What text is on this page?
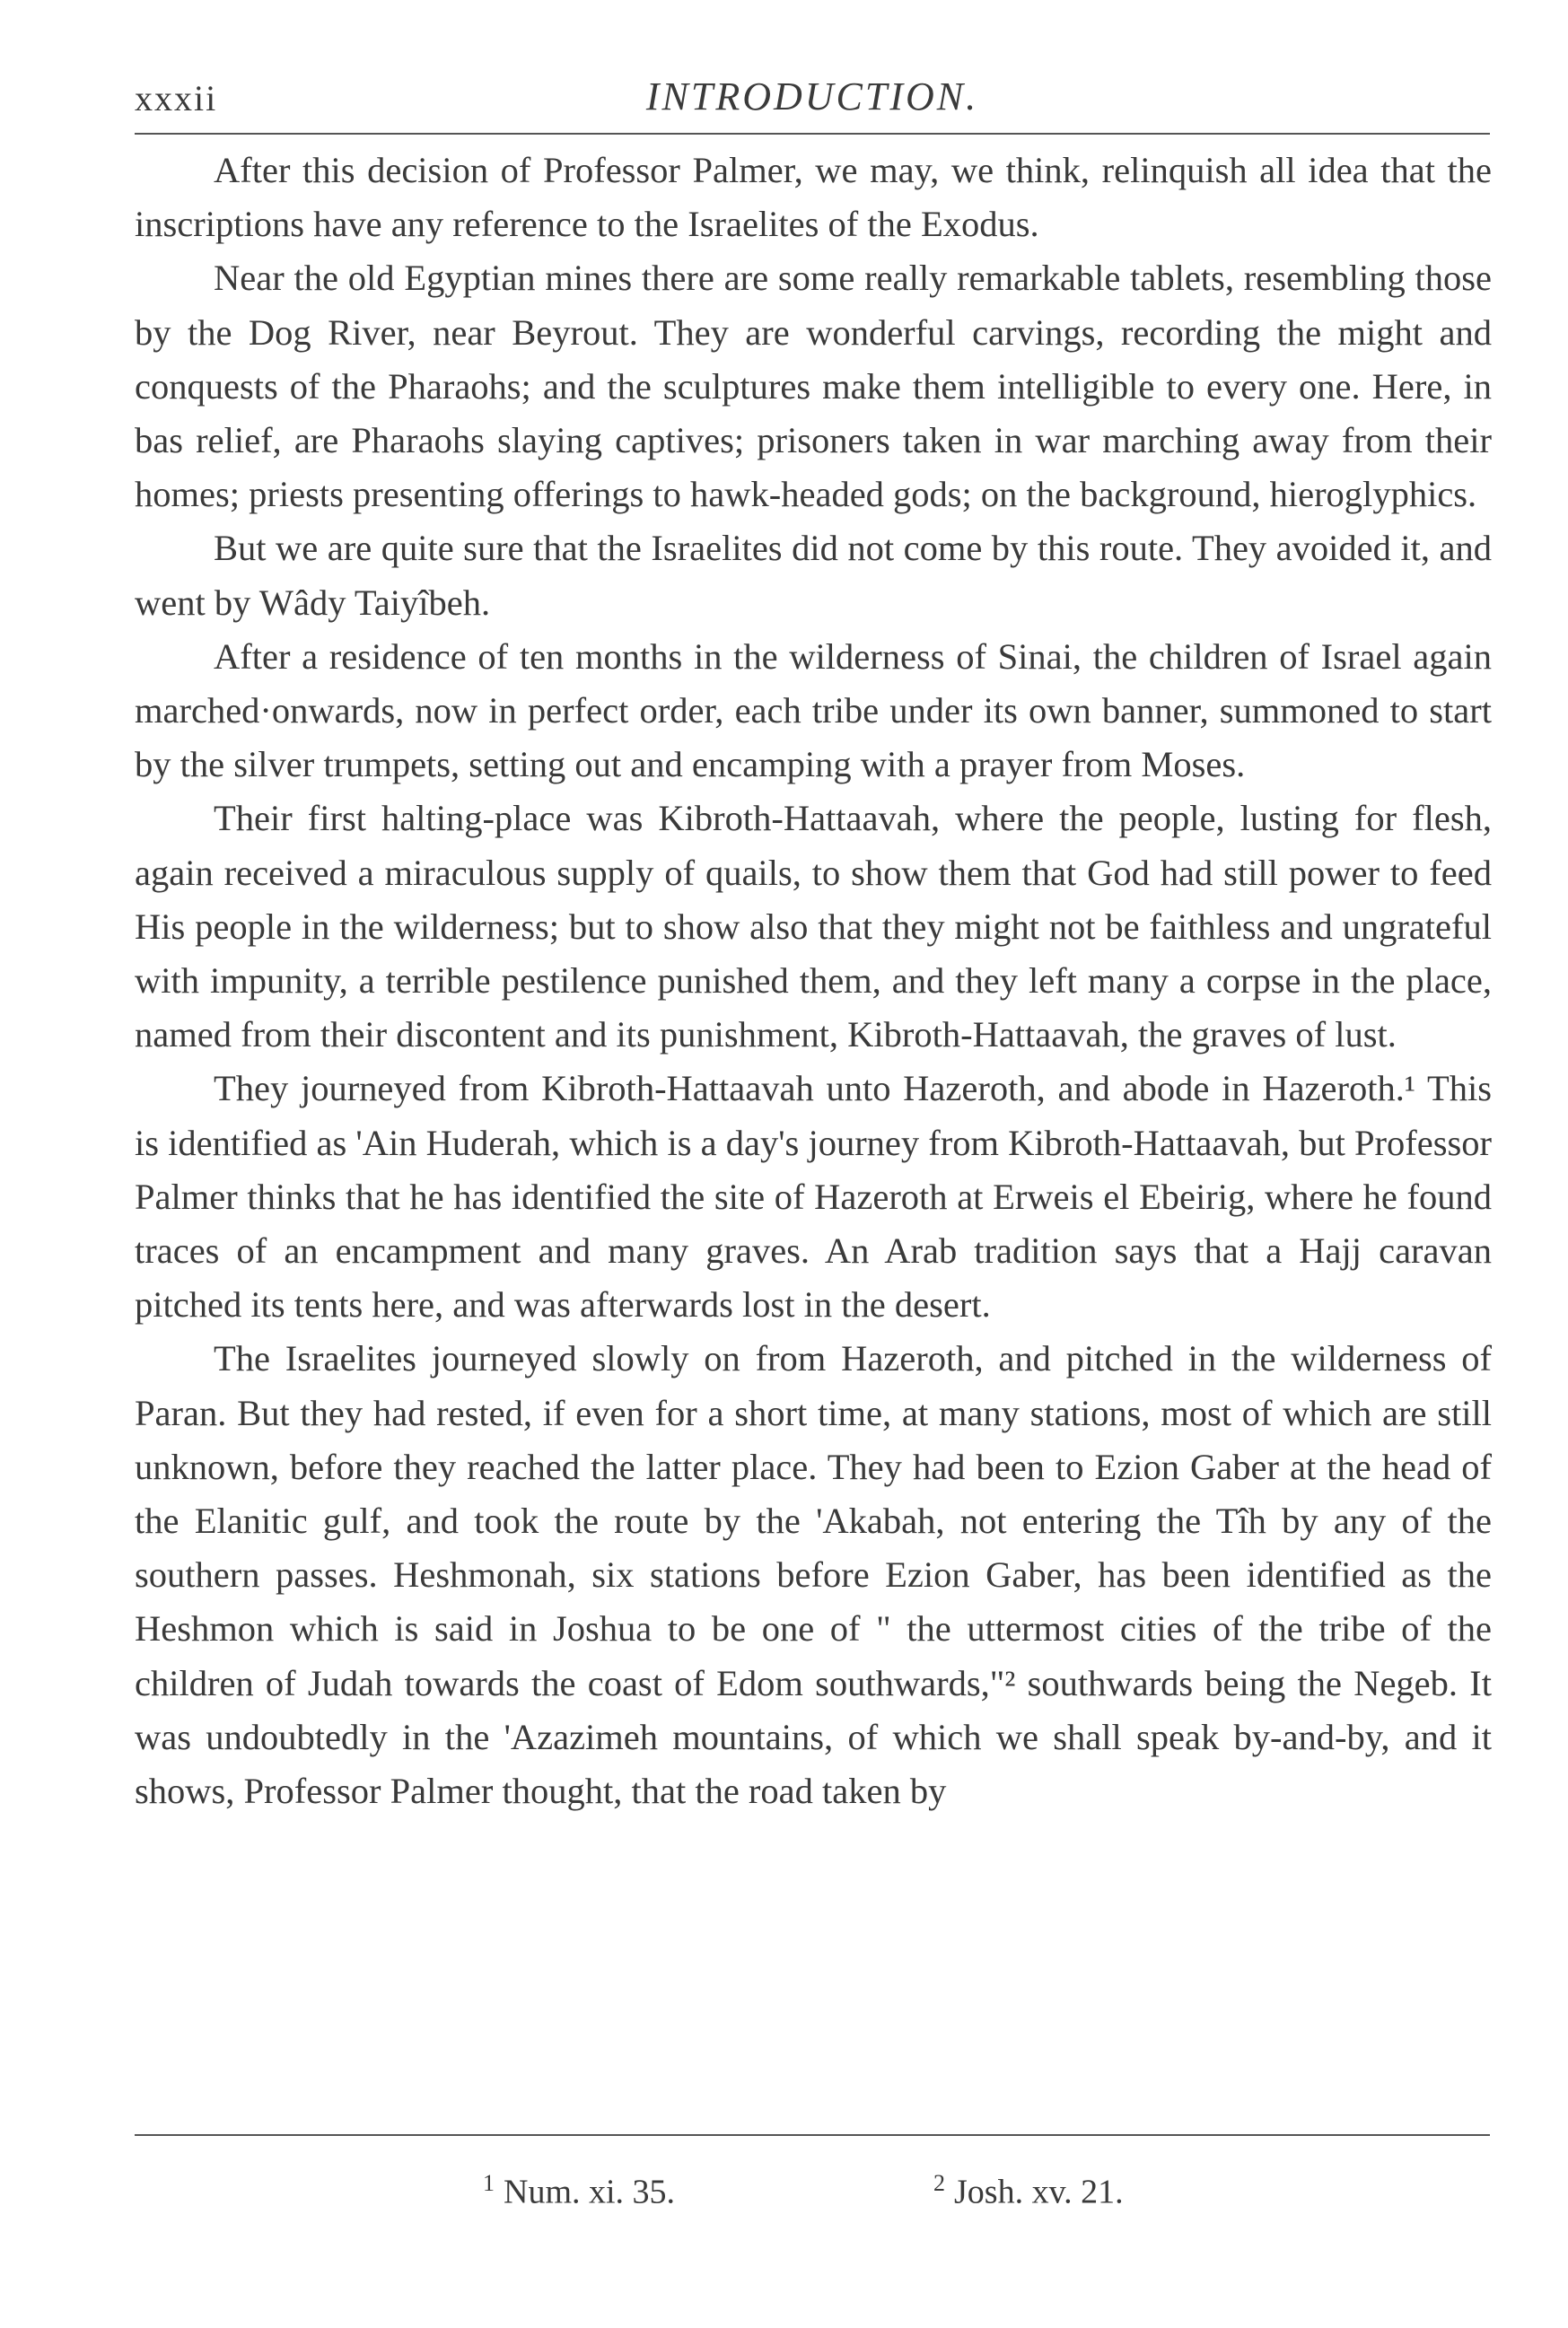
xxxii	INTRODUCTION.

After this decision of Professor Palmer, we may, we think, relinquish all idea that the inscriptions have any reference to the Israelites of the Exodus.

Near the old Egyptian mines there are some really remarkable tablets, resembling those by the Dog River, near Beyrout. They are wonderful carvings, recording the might and conquests of the Pharaohs; and the sculptures make them intelligible to every one. Here, in bas relief, are Pharaohs slaying captives; prisoners taken in war marching away from their homes; priests presenting offerings to hawk-headed gods; on the background, hieroglyphics.

But we are quite sure that the Israelites did not come by this route. They avoided it, and went by Wâdy Taiyîbeh.

After a residence of ten months in the wilderness of Sinai, the children of Israel again marched·onwards, now in perfect order, each tribe under its own banner, summoned to start by the silver trumpets, setting out and encamping with a prayer from Moses.

Their first halting-place was Kibroth-Hattaavah, where the people, lusting for flesh, again received a miraculous supply of quails, to show them that God had still power to feed His people in the wilderness; but to show also that they might not be faithless and ungrateful with impunity, a terrible pestilence punished them, and they left many a corpse in the place, named from their discontent and its punishment, Kibroth-Hattaavah, the graves of lust.

They journeyed from Kibroth-Hattaavah unto Hazeroth, and abode in Hazeroth.¹ This is identified as 'Ain Huderah, which is a day's journey from Kibroth-Hattaavah, but Professor Palmer thinks that he has identified the site of Hazeroth at Erweis el Ebeirig, where he found traces of an encampment and many graves. An Arab tradition says that a Hajj caravan pitched its tents here, and was afterwards lost in the desert.

The Israelites journeyed slowly on from Hazeroth, and pitched in the wilderness of Paran. But they had rested, if even for a short time, at many stations, most of which are still unknown, before they reached the latter place. They had been to Ezion Gaber at the head of the Elanitic gulf, and took the route by the 'Akabah, not entering the Tîh by any of the southern passes. Heshmonah, six stations before Ezion Gaber, has been identified as the Heshmon which is said in Joshua to be one of " the uttermost cities of the tribe of the children of Judah towards the coast of Edom southwards,"² southwards being the Negeb. It was undoubtedly in the 'Azazimeh mountains, of which we shall speak by-and-by, and it shows, Professor Palmer thought, that the road taken by

$^1$ Num. xi. 35.	$^2$ Josh. xv. 21.
